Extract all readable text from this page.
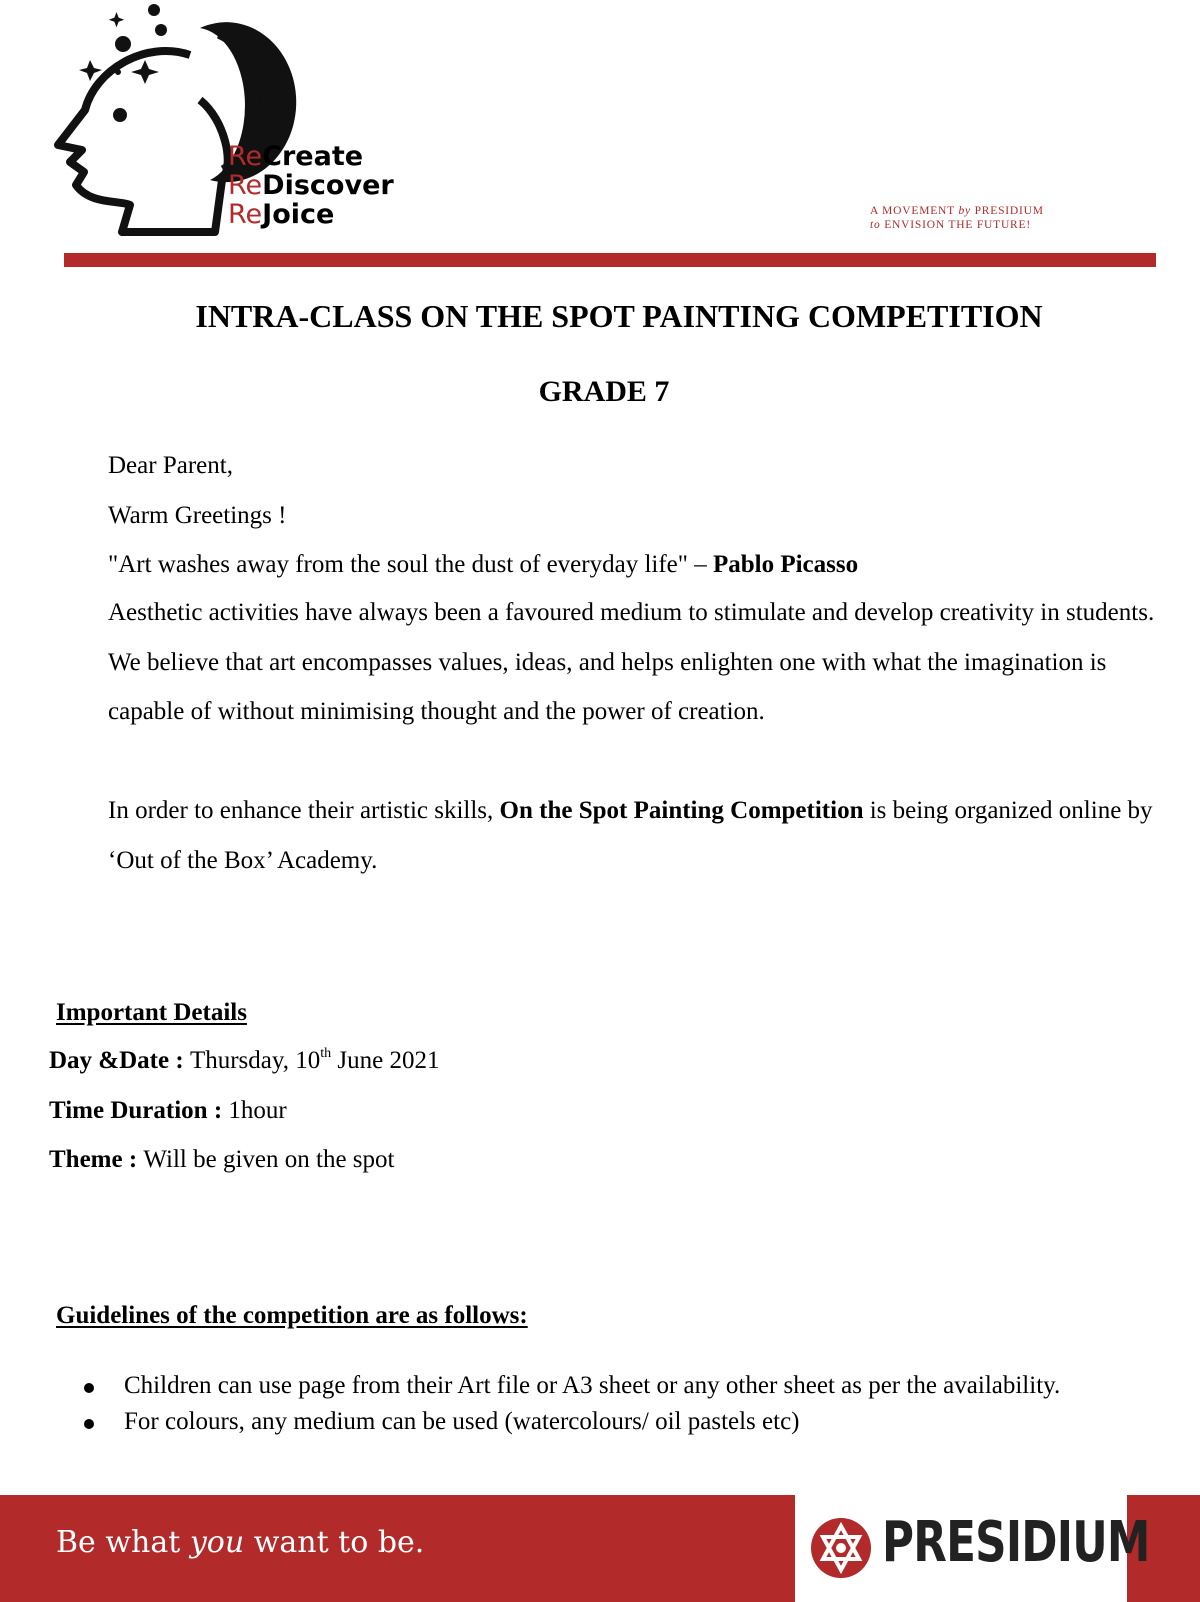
ReCreate
ReDiscover
ReJoice	A MOVEMENT by PRESIDIUM
to ENVISION THE FUTURE!
INTRA-CLASS ON THE SPOT PAINTING COMPETITION
GRADE 7
Dear Parent,
Warm Greetings !
"Art washes away from the soul the dust of everyday life" – Pablo Picasso
Aesthetic activities have always been a favoured medium to stimulate and develop creativity in students. We believe that art encompasses values, ideas, and helps enlighten one with what the imagination is capable of without minimising thought and the power of creation.
In order to enhance their artistic skills, On the Spot Painting Competition is being organized online by ‘Out of the Box’ Academy.
Important Details
Day &Date : Thursday, 10th June 2021
Time Duration : 1hour
Theme : Will be given on the spot
Guidelines of the competition are as follows:
Children can use page from their Art file or A3 sheet or any other sheet as per the availability.
For colours, any medium can be used (watercolours/ oil pastels etc)
Be what you want to be.	PRESIDIUM
